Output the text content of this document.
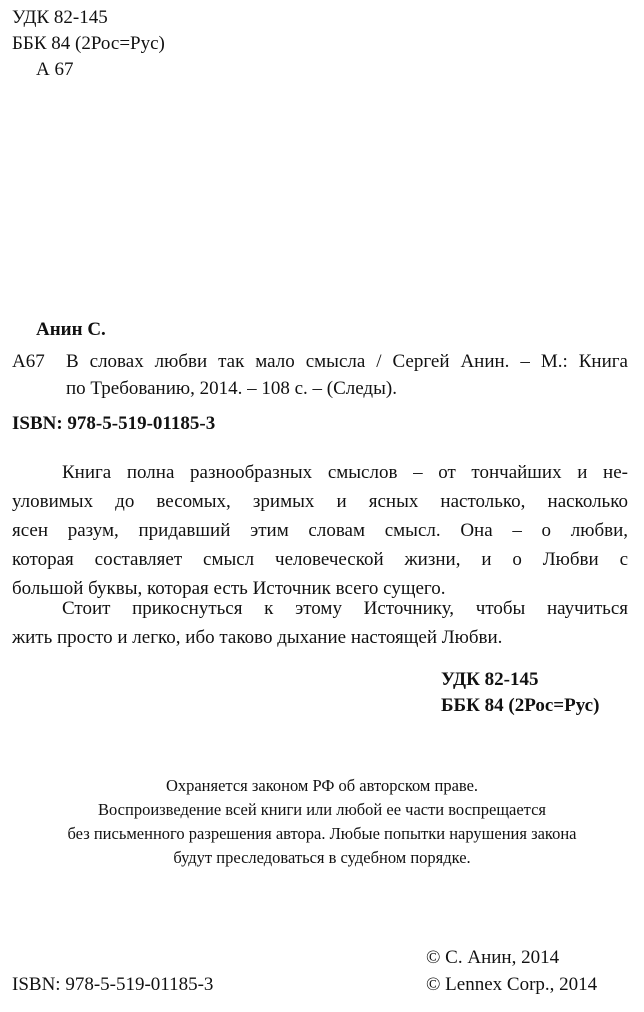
УДК 82-145
ББК 84 (2Рос=Рус)
А 67
Анин С.
А67 В словах любви так мало смысла / Сергей Анин. – М.: Книга
по Требованию, 2014. – 108 с. – (Следы).
ISBN: 978-5-519-01185-3
Книга полна разнообразных смыслов – от тончайших и не-
уловимых до весомых, зримых и ясных настолько, насколько
ясен разум, придавший этим словам смысл. Она – о любви,
которая составляет смысл человеческой жизни, и о Любви с
большой буквы, которая есть Источник всего сущего.
Стоит прикоснуться к этому Источнику, чтобы научиться
жить просто и легко, ибо таково дыхание настоящей Любви.
УДК 82-145
ББК 84 (2Рос=Рус)
Охраняется законом РФ об авторском праве.
Воспроизведение всей книги или любой ее части воспрещается
без письменного разрешения автора. Любые попытки нарушения закона
будут преследоваться в судебном порядке.
© С. Анин, 2014
ISBN: 978-5-519-01185-3	© Lennex Corp., 2014
